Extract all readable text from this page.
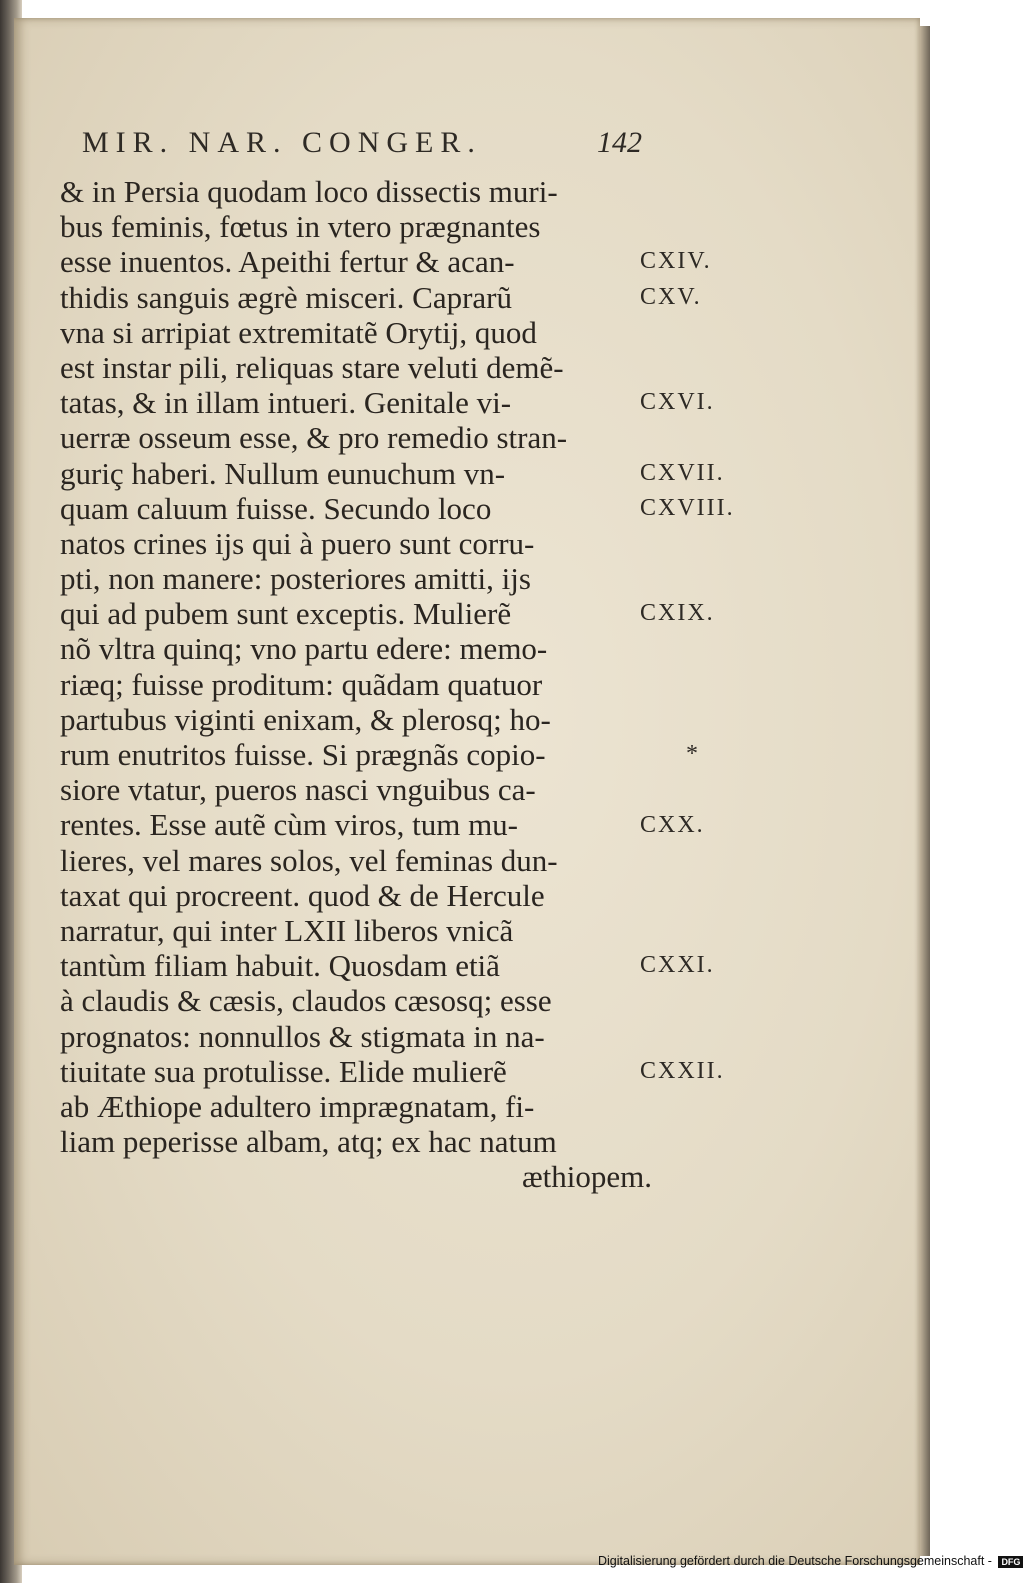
MIR. NAR. CONGER.	142
& in Persia quodam loco dissectis muri-
bus feminis, fœtus in vtero prægnantes
esse inuentos. Apeithi fertur & acan-
thidis sanguis ægrè misceri. Caprarũ
vna si arripiat extremitatẽ Orytij, quod
est instar pili, reliquas stare veluti demẽ-
tatas, & in illam intueri. Genitale vi-
uerræ osseum esse, & pro remedio stran-
guriç haberi. Nullum eunuchum vn-
quam caluum fuisse. Secundo loco
natos crines ijs qui à puero sunt corru-
pti, non manere: posteriores amitti, ijs
qui ad pubem sunt exceptis. Mulierẽ
nõ vltra quinq; vno partu edere: memo-
riæq; fuisse proditum: quãdam quatuor
partubus viginti enixam, & plerosq; ho-
rum enutritos fuisse. Si prægnãs copio-
siore vtatur, pueros nasci vnguibus ca-
rentes. Esse autẽ cùm viros, tum mu-
lieres, vel mares solos, vel feminas dun-
taxat qui procreent. quod & de Hercule
narratur, qui inter LXII liberos vnicã
tantùm filiam habuit. Quosdam etiã
à claudis & cæsis, claudos cæsosq; esse
prognatos: nonnullos & stigmata in na-
tiuitate sua protulisse. Elide mulierẽ
ab Æthiope adultero imprægnatam, fi-
liam peperisse albam, atq; ex hac natum
æthiopem.
CXIV.
CXV.
CXVI.
CXVII.
CXVIII.
CXIX.
*
CXX.
CXXI.
CXXII.
Digitalisierung gefördert durch die Deutsche Forschungsgemeinschaft - DFG
